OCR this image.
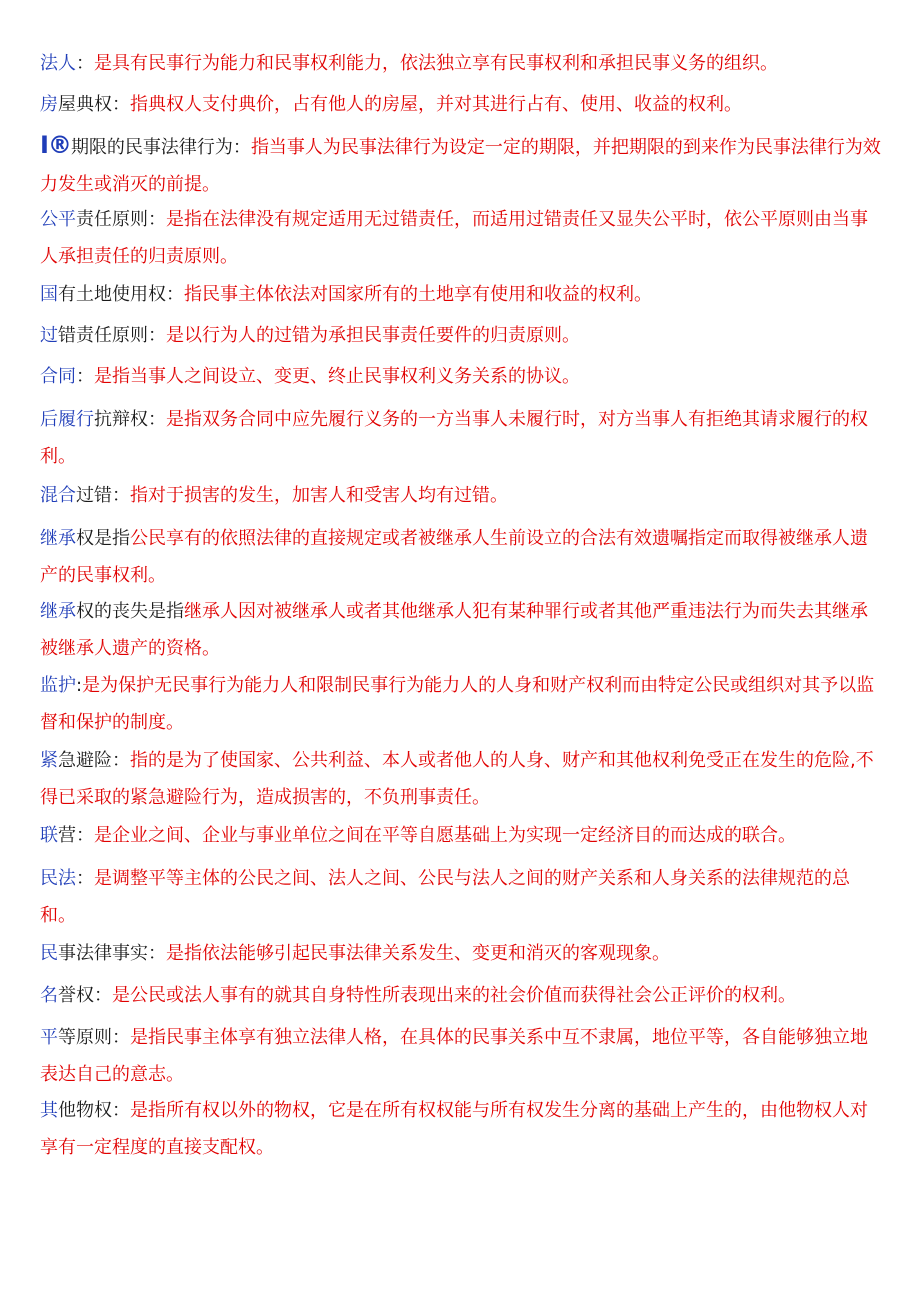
法人：是具有民事行为能力和民事权利能力，依法独立享有民事权利和承担民事义务的组织。

房屋典权：指典权人支付典价，占有他人的房屋，并对其进行占有、使用、收益的权利。

I®期限的民事法律行为：指当事人为民事法律行为设定一定的期限，并把期限的到来作为民事法律行为效力发生或消灭的前提。

公平责任原则：是指在法律没有规定适用无过错责任，而适用过错责任又显失公平时，依公平原则由当事人承担责任的归责原则。

国有土地使用权：指民事主体依法对国家所有的土地享有使用和收益的权利。

过错责任原则：是以行为人的过错为承担民事责任要件的归责原则。

合同：是指当事人之间设立、变更、终止民事权利义务关系的协议。

后履行抗辩权：是指双务合同中应先履行义务的一方当事人未履行时，对方当事人有拒绝其请求履行的权利。

混合过错：指对于损害的发生，加害人和受害人均有过错。

继承权是指公民享有的依照法律的直接规定或者被继承人生前设立的合法有效遗嘱指定而取得被继承人遗产的民事权利。

继承权的丧失是指继承人因对被继承人或者其他继承人犯有某种罪行或者其他严重违法行为而失去其继承被继承人遗产的资格。

监护:是为保护无民事行为能力人和限制民事行为能力人的人身和财产权利而由特定公民或组织对其予以监督和保护的制度。

紧急避险：指的是为了使国家、公共利益、本人或者他人的人身、财产和其他权利免受正在发生的危险,不得已采取的紧急避险行为，造成损害的，不负刑事责任。

联营：是企业之间、企业与事业单位之间在平等自愿基础上为实现一定经济目的而达成的联合。

民法：是调整平等主体的公民之间、法人之间、公民与法人之间的财产关系和人身关系的法律规范的总和。

民事法律事实：是指依法能够引起民事法律关系发生、变更和消灭的客观现象。

名誉权：是公民或法人事有的就其自身特性所表现出来的社会价值而获得社会公正评价的权利。

平等原则：是指民事主体享有独立法律人格，在具体的民事关系中互不隶属，地位平等，各自能够独立地表达自己的意志。

其他物权：是指所有权以外的物权，它是在所有权权能与所有权发生分离的基础上产生的，由他物权人对享有一定程度的直接支配权。
